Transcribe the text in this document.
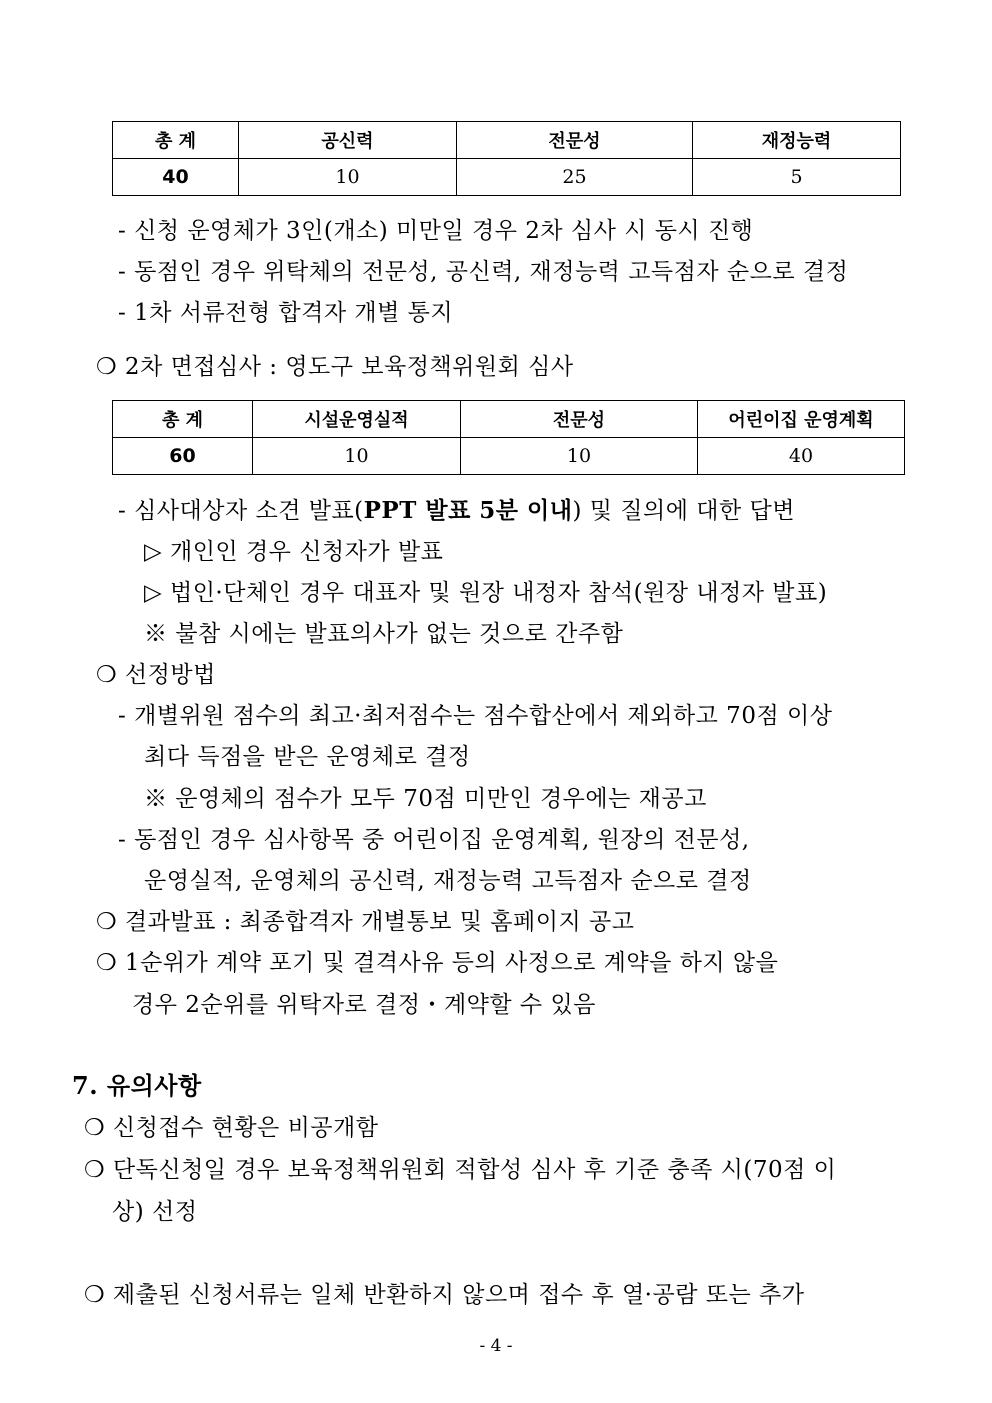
총 계	공신력	전문성	재정능력
40	10	25	5
- 신청 운영체가 3인(개소) 미만일 경우 2차 심사 시 동시 진행
- 동점인 경우 위탁체의 전문성, 공신력, 재정능력 고득점자 순으로 결정
- 1차 서류전형 합격자 개별 통지
❍ 2차 면접심사 : 영도구 보육정책위원회 심사
총 계	시설운영실적	전문성	어린이집 운영계획
60	10	10	40
- 심사대상자 소견 발표(PPT 발표 5분 이내) 및 질의에 대한 답변
▷ 개인인 경우 신청자가 발표
▷ 법인·단체인 경우 대표자 및 원장 내정자 참석(원장 내정자 발표)
※ 불참 시에는 발표의사가 없는 것으로 간주함
❍ 선정방법
- 개별위원 점수의 최고·최저점수는 점수합산에서 제외하고 70점 이상
최다 득점을 받은 운영체로 결정
※ 운영체의 점수가 모두 70점 미만인 경우에는 재공고
- 동점인 경우 심사항목 중 어린이집 운영계획, 원장의 전문성,
운영실적, 운영체의 공신력, 재정능력 고득점자 순으로 결정
❍ 결과발표 : 최종합격자 개별통보 및 홈페이지 공고
❍ 1순위가 계약 포기 및 결격사유 등의 사정으로 계약을 하지 않을
경우 2순위를 위탁자로 결정・계약할 수 있음
7. 유의사항
❍ 신청접수 현황은 비공개함
❍ 단독신청일 경우 보육정책위원회 적합성 심사 후 기준 충족 시(70점 이
상) 선정
❍ 제출된 신청서류는 일체 반환하지 않으며 접수 후 열·공람 또는 추가
- 4 -
